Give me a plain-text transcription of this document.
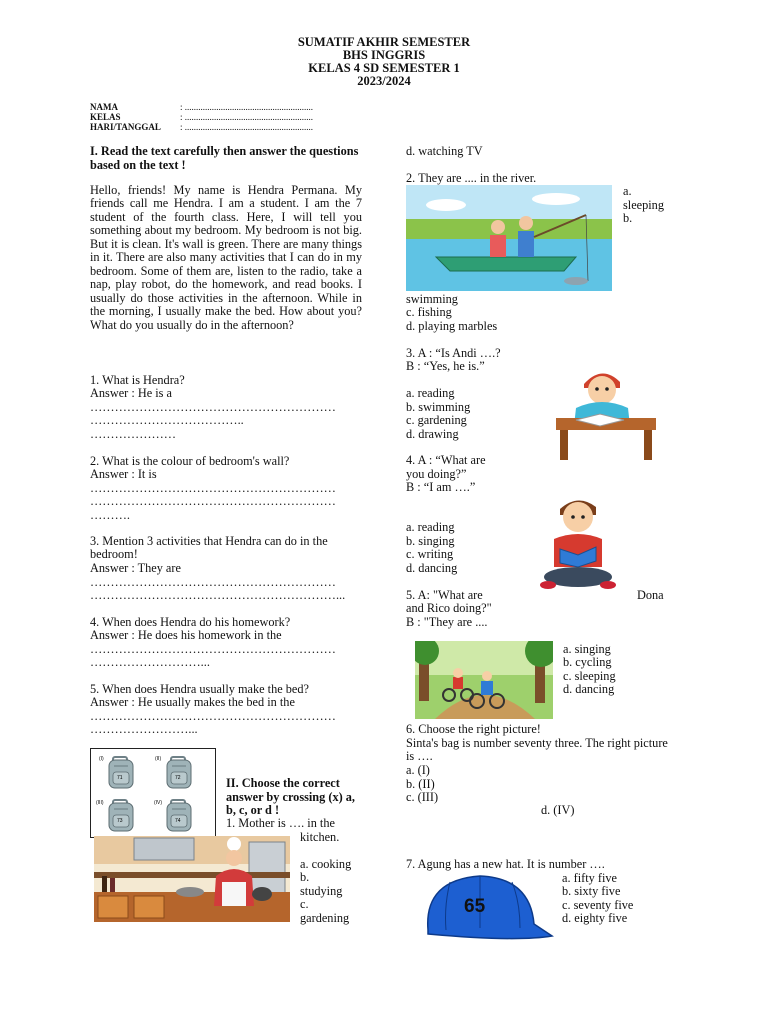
SUMATIF AKHIR SEMESTER
BHS INGGRIS
KELAS 4 SD SEMESTER 1
2023/2024
NAMA	: .........................................................
KELAS	: .........................................................
HARI/TANGGAL : .........................................................
I. Read the text carefully then answer the questions based on the text !
Hello, friends! My name is Hendra Permana. My friends call me Hendra. I am a student. I am the 7 student of the fourth class. Here, I will tell you something about my bedroom. My bedroom is not big. But it is clean. It's wall is green. There are many things in it. There are also many activities that I can do in my bedroom. Some of them are, listen to the radio, take a nap, play robot, do the homework, and read books. I usually do those activities in the afternoon. While in the morning, I usually make the bed. How about you? What do you usually do in the afternoon?
1. What is Hendra?
Answer : He is a
……………………………………………………
………………………………..
…………………
2. What is the colour of bedroom's wall?
Answer : It is
……………………………………………………
……………………………………………………
……….
3. Mention 3 activities that Hendra can do in the bedroom!
Answer : They are
……………………………………………………
……………………………………………………...
4. When does Hendra do his homework?
Answer : He does his homework in the
……………………………………………………
………………………...
5. When does Hendra usually make the bed?
Answer : He usually makes the bed in the
……………………………………………………
……………………...
(I)	(II)
(III)	(IV)
71	72
73	74
II. Choose the correct answer by crossing (x) a, b, c, or d !
1. Mother is …. in the
kitchen.
a. cooking
b.
studying
c.
gardening
d. watching TV
2. They are .... in the river.
a.
sleeping
b.
swimming
c. fishing
d. playing marbles
3. A : “Is Andi ….?
B : “Yes, he is.”
a. reading
b. swimming
c. gardening
d. drawing
4. A : “What are
you doing?”
B : “I am ….”
a. reading
b. singing
c. writing
d. dancing
5. A: "What are	Dona
and Rico doing?"
B : "They are ....
a. singing
b. cycling
c. sleeping
d. dancing
6. Choose the right picture!
Sinta's bag is number seventy three. The right picture is ….
a. (I)
b. (II)
c. (III)
d. (IV)
7. Agung has a new hat. It is number ….
65
a. fifty five
b. sixty five
c. seventy five
d. eighty five
